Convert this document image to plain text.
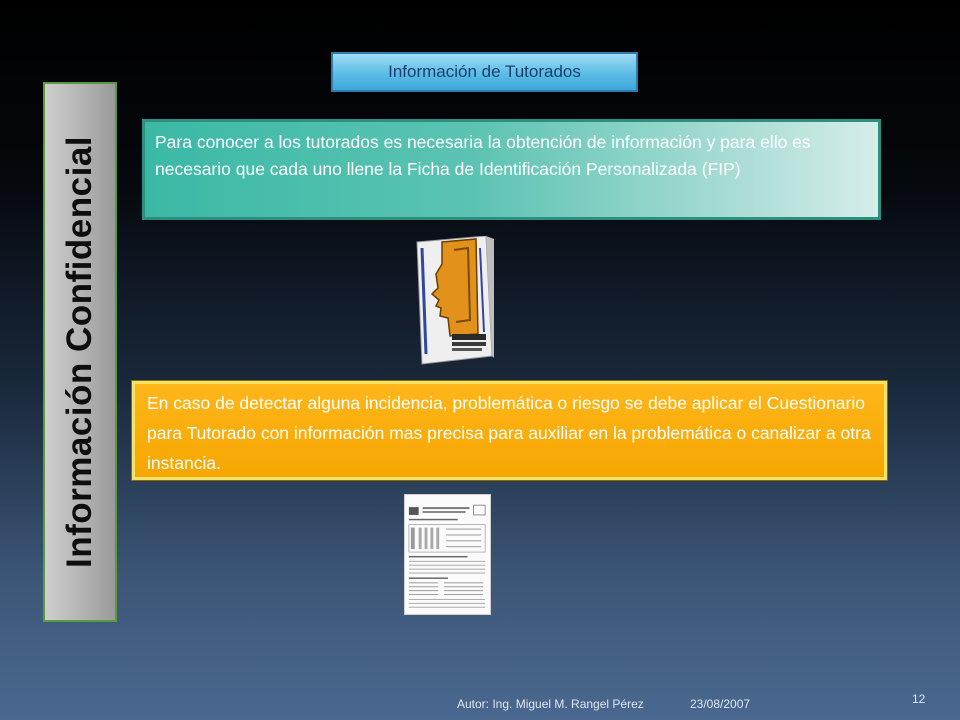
Información Confidencial
Información de Tutorados
Para conocer a los tutorados es necesaria la obtención de información y para ello es necesario que cada uno llene la Ficha de Identificación Personalizada (FIP)
En caso de detectar alguna incidencia, problemática o riesgo se debe aplicar el Cuestionario para Tutorado con información mas precisa para auxiliar en la problemática o canalizar a otra instancia.
Autor: Ing. Miguel M. Rangel Pérez	23/08/2007	12
